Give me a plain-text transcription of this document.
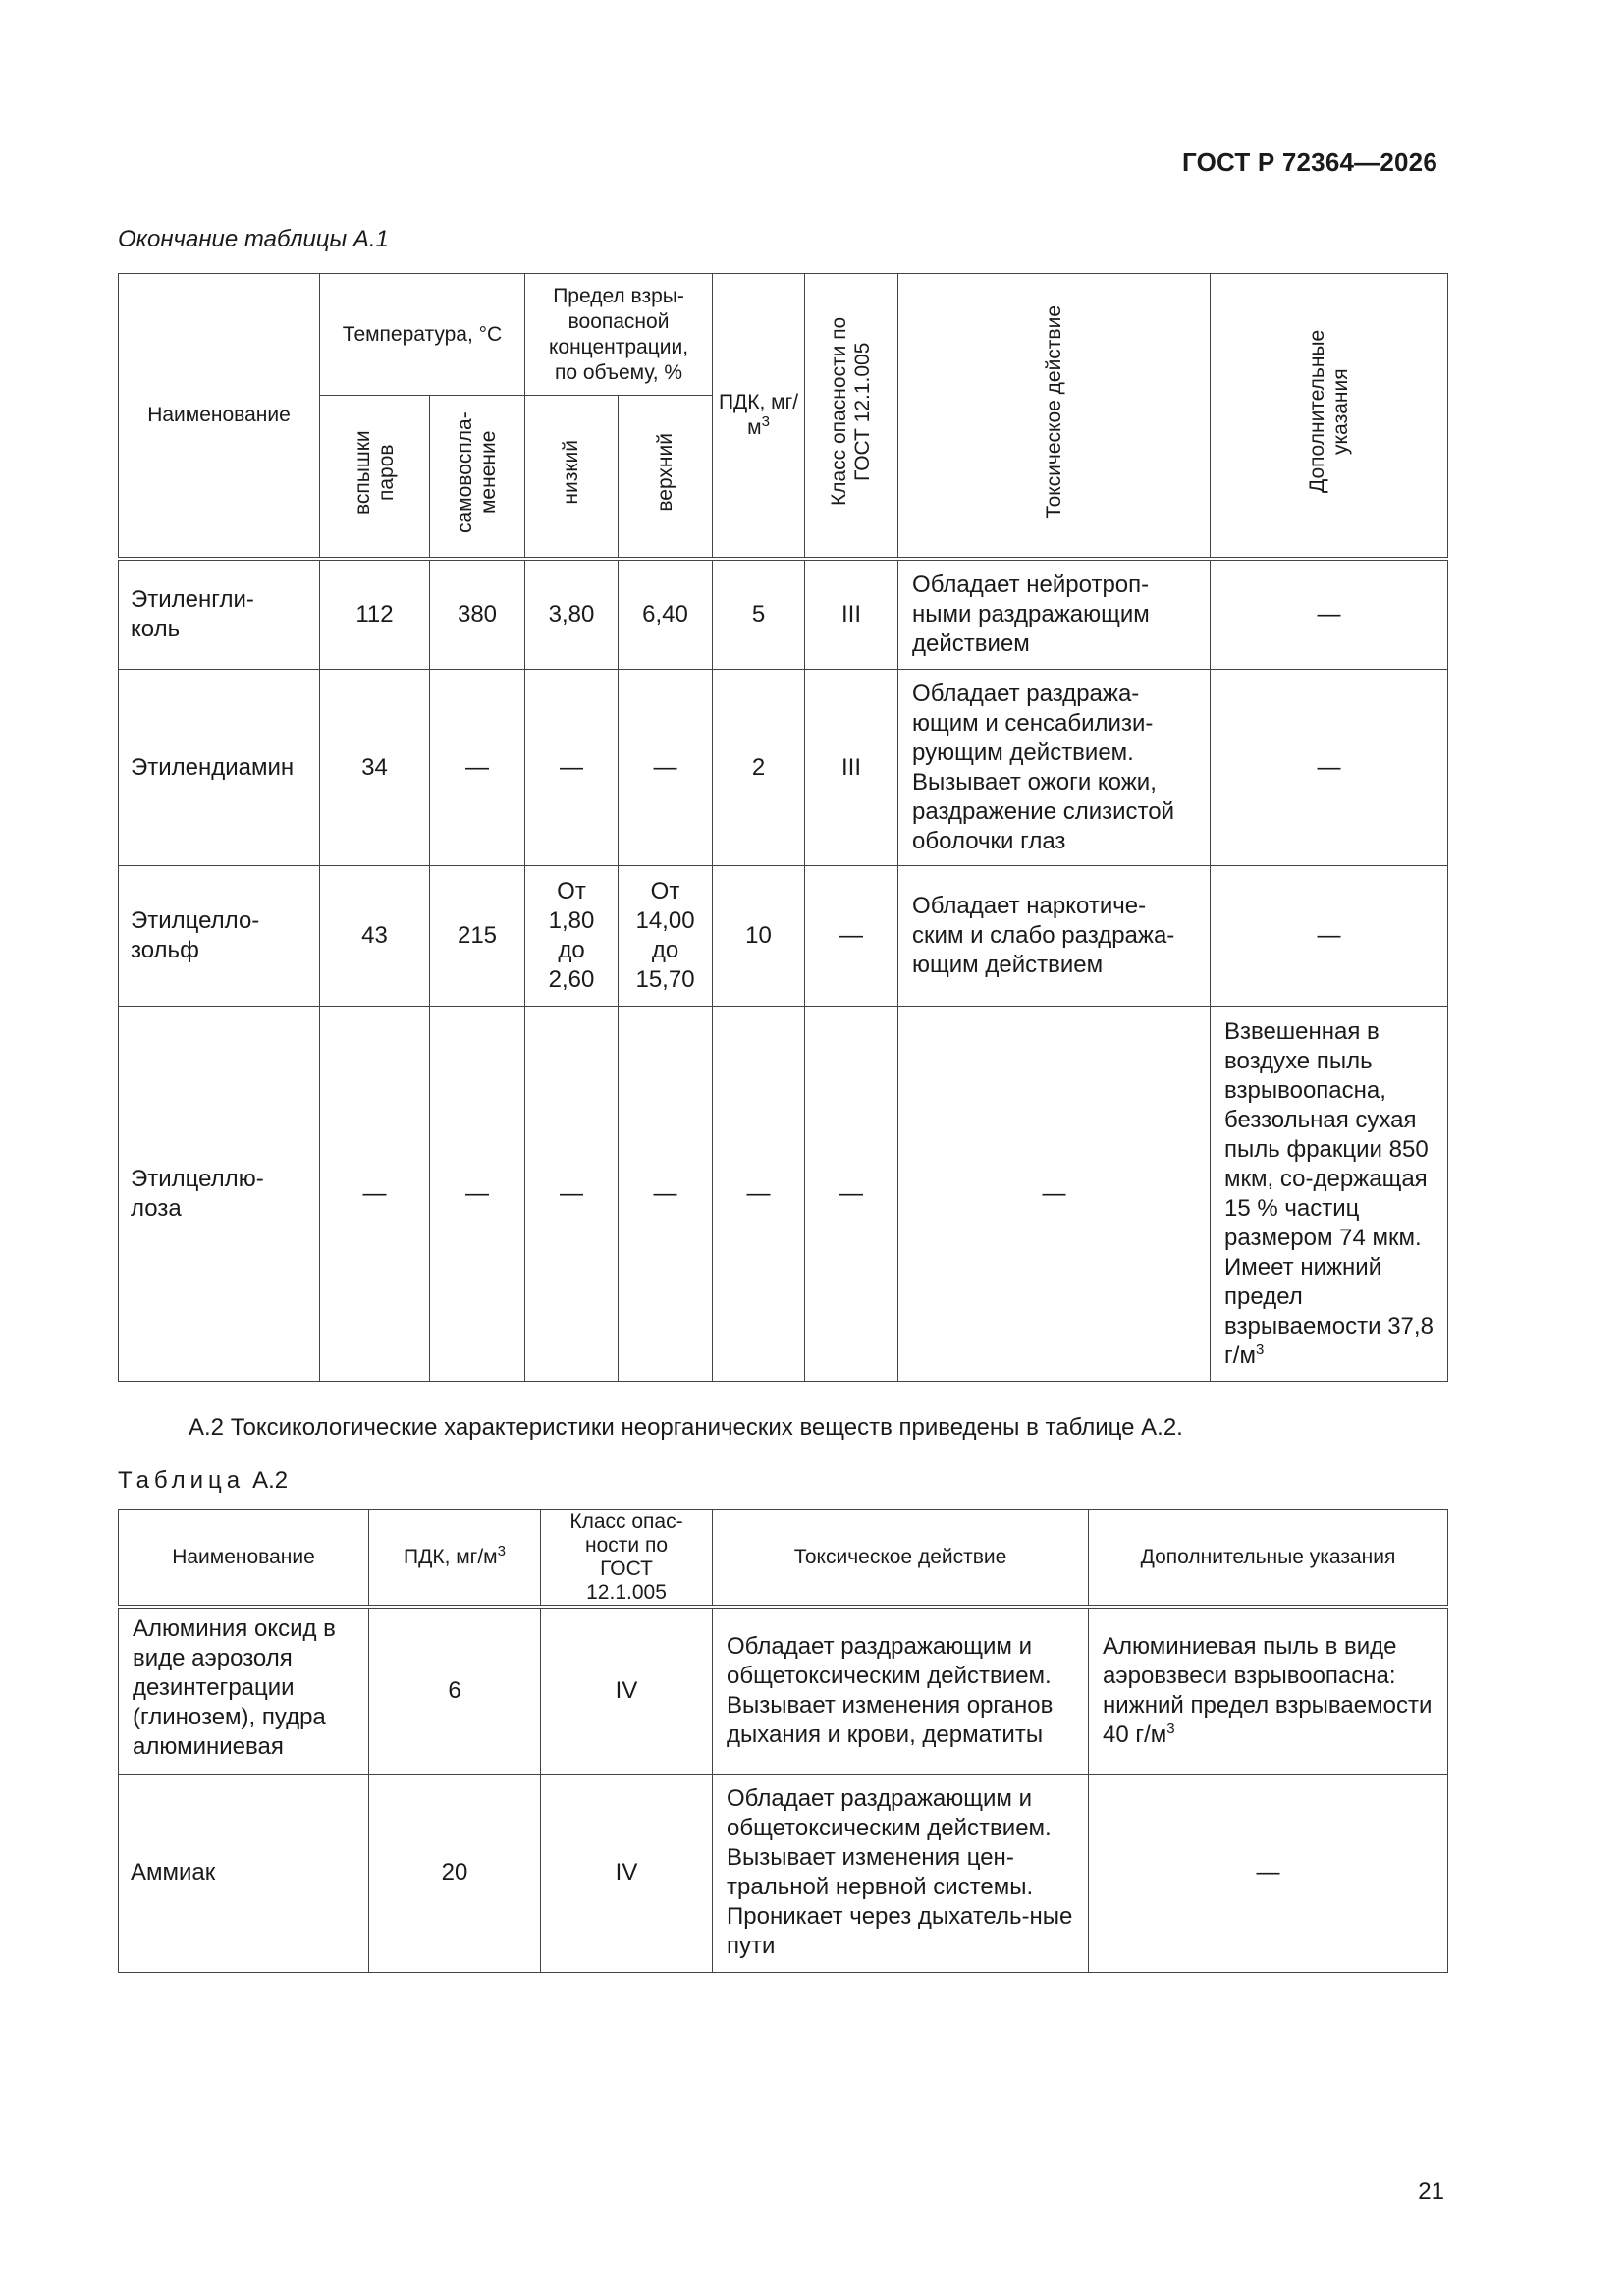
ГОСТ Р 72364—2026
Окончание таблицы А.1
Наименование	Температура, °C		Предел взры-воопасной концентрации, по объему, %		ПДК, $мг/м^3$	Класс опасности по ГОСТ 12.1.005	Токсическое действие	Дополнительные указания
	вспышки паров	самовоспла-менение	низкий	верхний				

Этиленгли-коль	112	380	3,80	6,40	5	III	Обладает нейротроп-ными раздражающим действием	—
Этилендиамин	34	—	—	—	2	III	Обладает раздража-ющим и сенсабилизи-рующим действием. Вызывает ожоги кожи, раздражение слизистой оболочки глаз	—

Этилцелло-зольф	43	215	От 1,80 до 2,60	От 14,00 до 15,70	10	—	Обладает наркотиче-ским и слабо раздража-ющим действием	—

Этилцеллю-лоза	—	—	—	—	—	—	—	Взвешенная в воздухе пыль взрывоопасна, беззольная сухая пыль фракции 850 мкм, со-держащая 15 % частиц размером 74 мкм. Имеет нижний предел взрываемости 37,8 $г/м^3$
А.2 Токсикологические характеристики неорганических веществ приведены в таблице А.2.
Таблица А.2
Наименование	ПДК, $мг/м^3$	Класс опас-ности по ГОСТ 12.1.005	Токсическое действие	Дополнительные указания
Алюминия оксид в виде аэрозоля дезинтеграции (глинозем), пудра алюминиевая	6	IV	Обладает раздражающим и общетоксическим действием. Вызывает изменения органов дыхания и крови, дерматиты	Алюминиевая пыль в виде аэровзвеси взрывоопасна: нижний предел взрываемости 40 $г/м^3$
Аммиак	20	IV	Обладает раздражающим и общетоксическим действием. Вызывает изменения цен-тральной нервной системы. Проникает через дыхатель-ные пути	—
21
